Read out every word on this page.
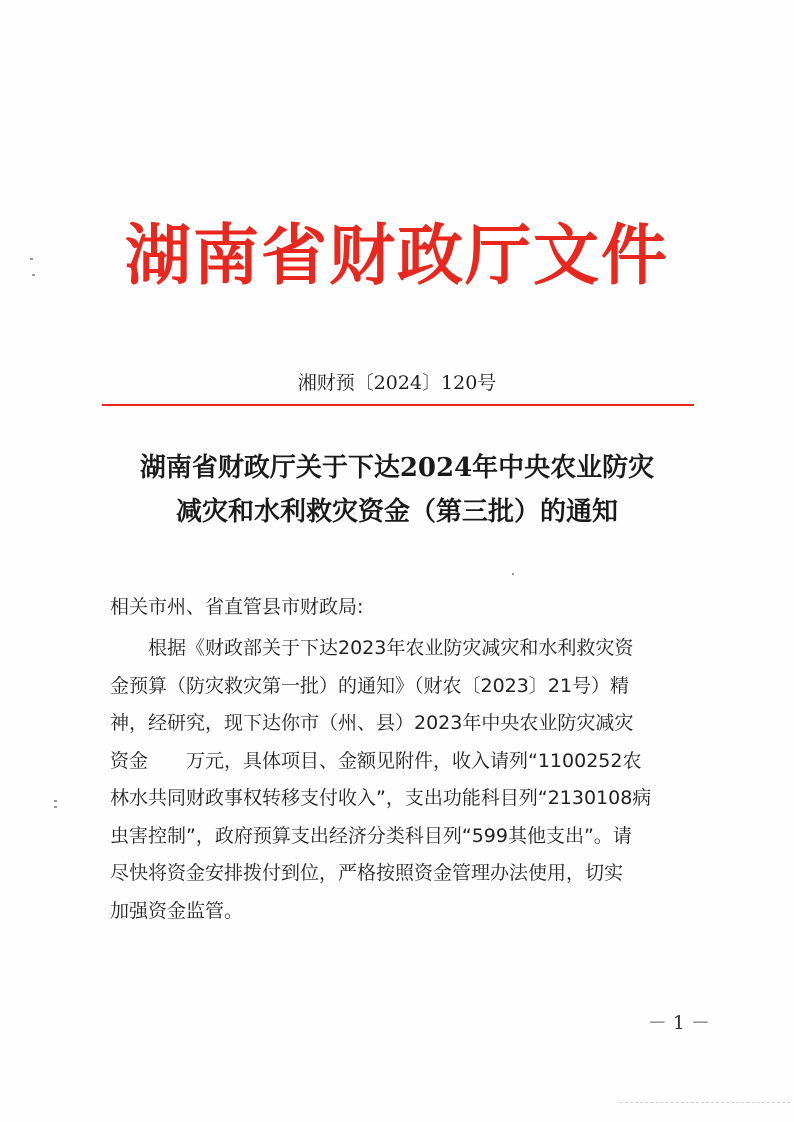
湖南省财政厅文件
湘财预〔2024〕120号
湖南省财政厅关于下达2024年中央农业防灾
减灾和水利救灾资金（第三批）的通知
相关市州、省直管县市财政局:
根据《财政部关于下达2023年农业防灾减灾和水利救灾资
金预算（防灾救灾第一批）的通知》（财农〔2023〕21号）精
神，经研究，现下达你市（州、县）2023年中央农业防灾减灾
资金　　万元，具体项目、金额见附件，收入请列“1100252农
林水共同财政事权转移支付收入”，支出功能科目列“2130108病
虫害控制”，政府预算支出经济分类科目列“599其他支出”。请
尽快将资金安排拨付到位，严格按照资金管理办法使用，切实
加强资金监管。
－ 1 －
